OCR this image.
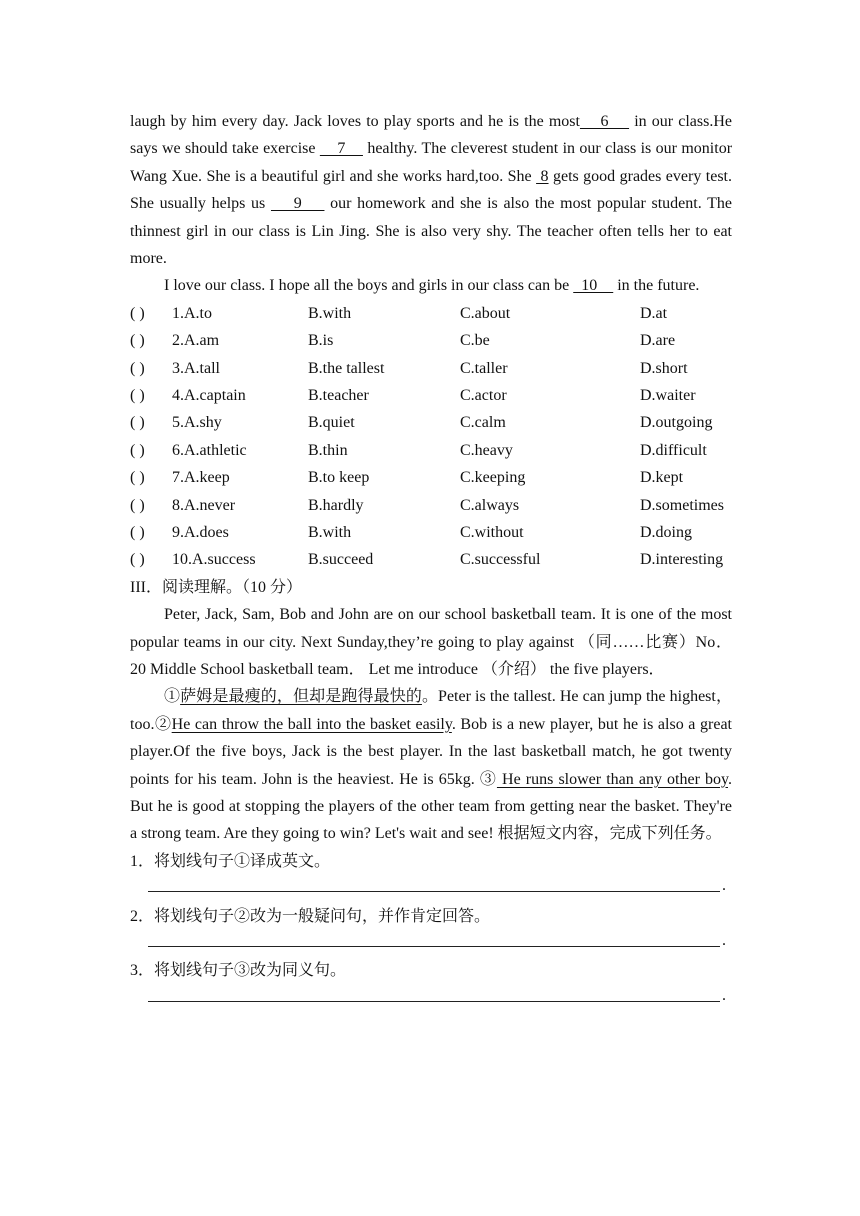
laugh by him every day. Jack loves to play sports and he is the most    6     in our class.He says we should take exercise     7     healthy. The cleverest student in our class is our monitor Wang Xue. She is a beautiful girl and she works hard,too. She  8 gets good grades every test. She usually helps us     9     our homework and she is also the most popular student. The thinnest girl in our class is Lin Jing. She is also very shy. The teacher often tells her to eat more.

I love our class. I hope all the boys and girls in our class can be   10     in the future.

( ) 1.A.to	B.with	C.about	D.at
( ) 2.A.am	B.is	C.be	D.are
( ) 3.A.tall	B.the tallest	C.taller	D.short
( ) 4.A.captain	B.teacher	C.actor	D.waiter
( ) 5.A.shy	B.quiet	C.calm	D.outgoing
( ) 6.A.athletic	B.thin	C.heavy	D.difficult
( ) 7.A.keep	B.to keep	C.keeping	D.kept
( ) 8.A.never	B.hardly	C.always	D.sometimes
( ) 9.A.does	B.with	C.without	D.doing
( ) 10.A.success	B.succeed	C.successful	D.interesting

III．阅读理解。（10 分）

Peter, Jack, Sam, Bob and John are on our school basketball team. It is one of the most popular teams in our city. Next Sunday,they’re going to play against （同……比赛）No．20 Middle School basketball team． Let me introduce （介绍） the five players．

①萨姆是最瘦的，但却是跑得最快的。Peter is the tallest. He can jump the highest，too.②He can throw the ball into the basket easily. Bob is a new player, but he is also a great player.Of the five boys, Jack is the best player. In the last basketball match, he got twenty points for his team. John is the heaviest. He is 65kg. ③ He runs slower than any other boy. But he is good at stopping the players of the other team from getting near the basket. They're a strong team. Are they going to win? Let's wait and see! 根据短文内容，完成下列任务。

1．将划线句子①译成英文。

.

2．将划线句子②改为一般疑问句，并作肯定回答。

.

3．将划线句子③改为同义句。

.
